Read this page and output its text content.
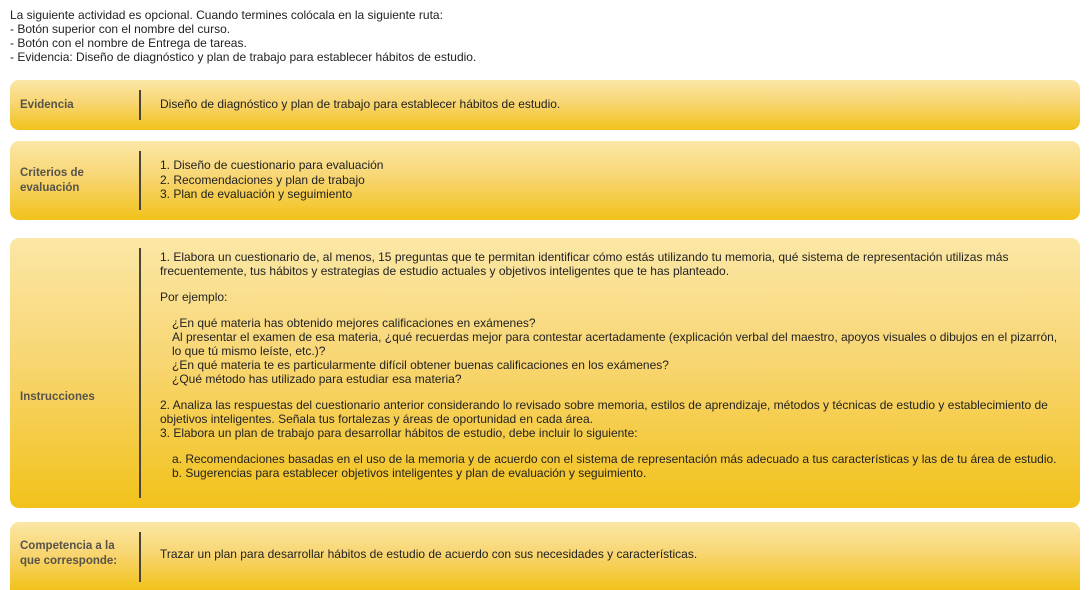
La siguiente actividad es opcional. Cuando termines colócala en la siguiente ruta:
- Botón superior con el nombre del curso.
- Botón con el nombre de Entrega de tareas.
- Evidencia: Diseño de diagnóstico y plan de trabajo para establecer hábitos de estudio.
Evidencia	Diseño de diagnóstico y plan de trabajo para establecer hábitos de estudio.

Criterios de
evaluación

1. Diseño de cuestionario para evaluación

2. Recomendaciones y plan de trabajo

3. Plan de evaluación y seguimiento

Instrucciones

1. Elabora un cuestionario de, al menos, 15 preguntas que te permitan identificar cómo estás utilizando tu memoria, qué sistema de representación utilizas más frecuentemente, tus hábitos y estrategias de estudio actuales y objetivos inteligentes que te has planteado.

Por ejemplo:

¿En qué materia has obtenido mejores calificaciones en exámenes?

Al presentar el examen de esa materia, ¿qué recuerdas mejor para contestar acertadamente (explicación verbal del maestro, apoyos visuales o dibujos en el pizarrón, lo que tú mismo leíste, etc.)?

¿En qué materia te es particularmente difícil obtener buenas calificaciones en los exámenes?

¿Qué método has utilizado para estudiar esa materia?

2. Analiza las respuestas del cuestionario anterior considerando lo revisado sobre memoria, estilos de aprendizaje, métodos y técnicas de estudio y establecimiento de objetivos inteligentes. Señala tus fortalezas y áreas de oportunidad en cada área.

3. Elabora un plan de trabajo para desarrollar hábitos de estudio, debe incluir lo siguiente:

a. Recomendaciones basadas en el uso de la memoria y de acuerdo con el sistema de representación más adecuado a tus características y las de tu área de estudio.

b. Sugerencias para establecer objetivos inteligentes y plan de evaluación y seguimiento.

Competencia a la
que corresponde:	Trazar un plan para desarrollar hábitos de estudio de acuerdo con sus necesidades y características.
